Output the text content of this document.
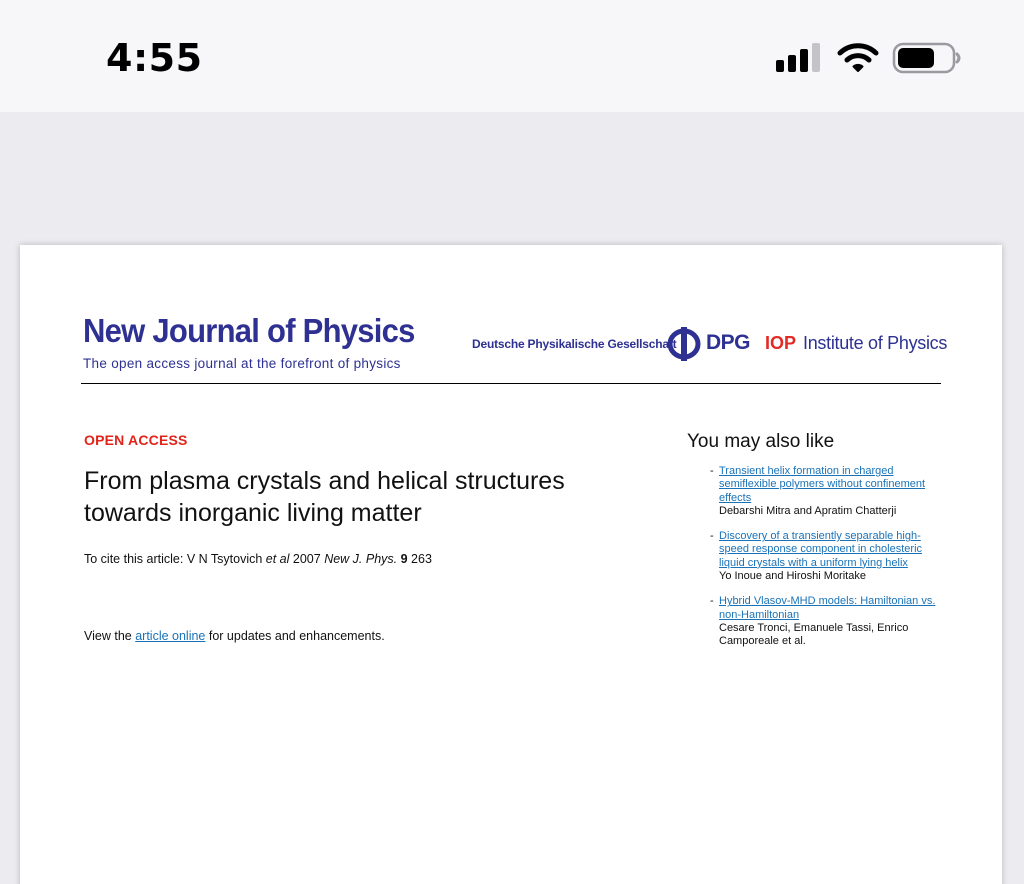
4:55
New Journal of Physics
The open access journal at the forefront of physics
Deutsche Physikalische Gesellschaft DPG IOP Institute of Physics
OPEN ACCESS
From plasma crystals and helical structures towards inorganic living matter
To cite this article: V N Tsytovich et al 2007 New J. Phys. 9 263
View the article online for updates and enhancements.
You may also like
- Transient helix formation in charged semiflexible polymers without confinement effects
Debarshi Mitra and Apratim Chatterji
- Discovery of a transiently separable high-speed response component in cholesteric liquid crystals with a uniform lying helix
Yo Inoue and Hiroshi Moritake
- Hybrid Vlasov-MHD models: Hamiltonian vs. non-Hamiltonian
Cesare Tronci, Emanuele Tassi, Enrico Camporeale et al.
